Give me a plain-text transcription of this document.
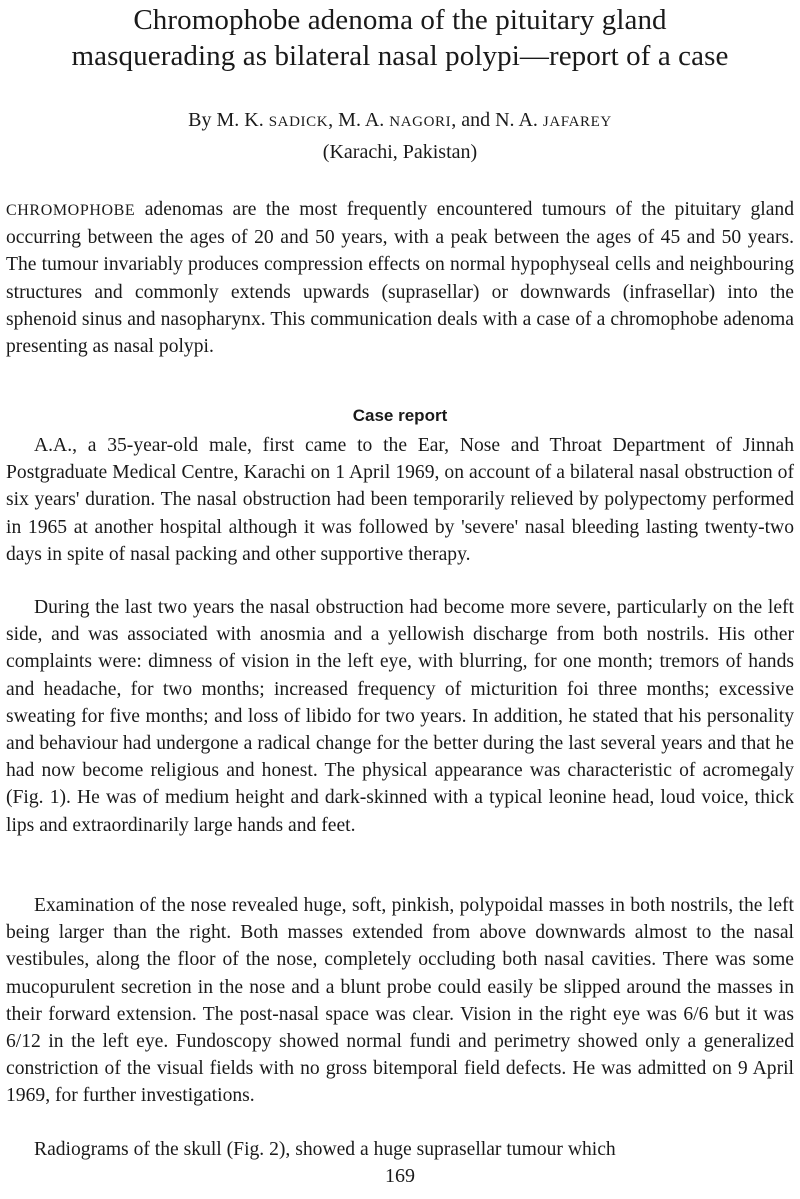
Chromophobe adenoma of the pituitary gland
masquerading as bilateral nasal polypi—report of a case
By M. K. SADICK, M. A. NAGORI, and N. A. JAFAREY
(Karachi, Pakistan)

CHROMOPHOBE adenomas are the most frequently encountered tumours of the pituitary gland occurring between the ages of 20 and 50 years, with a peak between the ages of 45 and 50 years. The tumour invariably produces compression effects on normal hypophyseal cells and neighbouring structures and commonly extends upwards (suprasellar) or downwards (infrasellar) into the sphenoid sinus and nasopharynx. This communication deals with a case of a chromophobe adenoma presenting as nasal polypi.

Case report

A.A., a 35-year-old male, first came to the Ear, Nose and Throat Department of Jinnah Postgraduate Medical Centre, Karachi on 1 April 1969, on account of a bilateral nasal obstruction of six years' duration. The nasal obstruction had been temporarily relieved by polypectomy performed in 1965 at another hospital although it was followed by 'severe' nasal bleeding lasting twenty-two days in spite of nasal packing and other supportive therapy.

During the last two years the nasal obstruction had become more severe, particularly on the left side, and was associated with anosmia and a yellowish discharge from both nostrils. His other complaints were: dimness of vision in the left eye, with blurring, for one month; tremors of hands and headache, for two months; increased frequency of micturition foi three months; excessive sweating for five months; and loss of libido for two years. In addition, he stated that his personality and behaviour had undergone a radical change for the better during the last several years and that he had now become religious and honest. The physical appearance was characteristic of acromegaly (Fig. 1). He was of medium height and dark-skinned with a typical leonine head, loud voice, thick lips and extraordinarily large hands and feet.

Examination of the nose revealed huge, soft, pinkish, polypoidal masses in both nostrils, the left being larger than the right. Both masses extended from above downwards almost to the nasal vestibules, along the floor of the nose, completely occluding both nasal cavities. There was some mucopurulent secretion in the nose and a blunt probe could easily be slipped around the masses in their forward extension. The post-nasal space was clear. Vision in the right eye was 6/6 but it was 6/12 in the left eye. Fundoscopy showed normal fundi and perimetry showed only a generalized constriction of the visual fields with no gross bitemporal field defects. He was admitted on 9 April 1969, for further investigations.

Radiograms of the skull (Fig. 2), showed a huge suprasellar tumour which

169
